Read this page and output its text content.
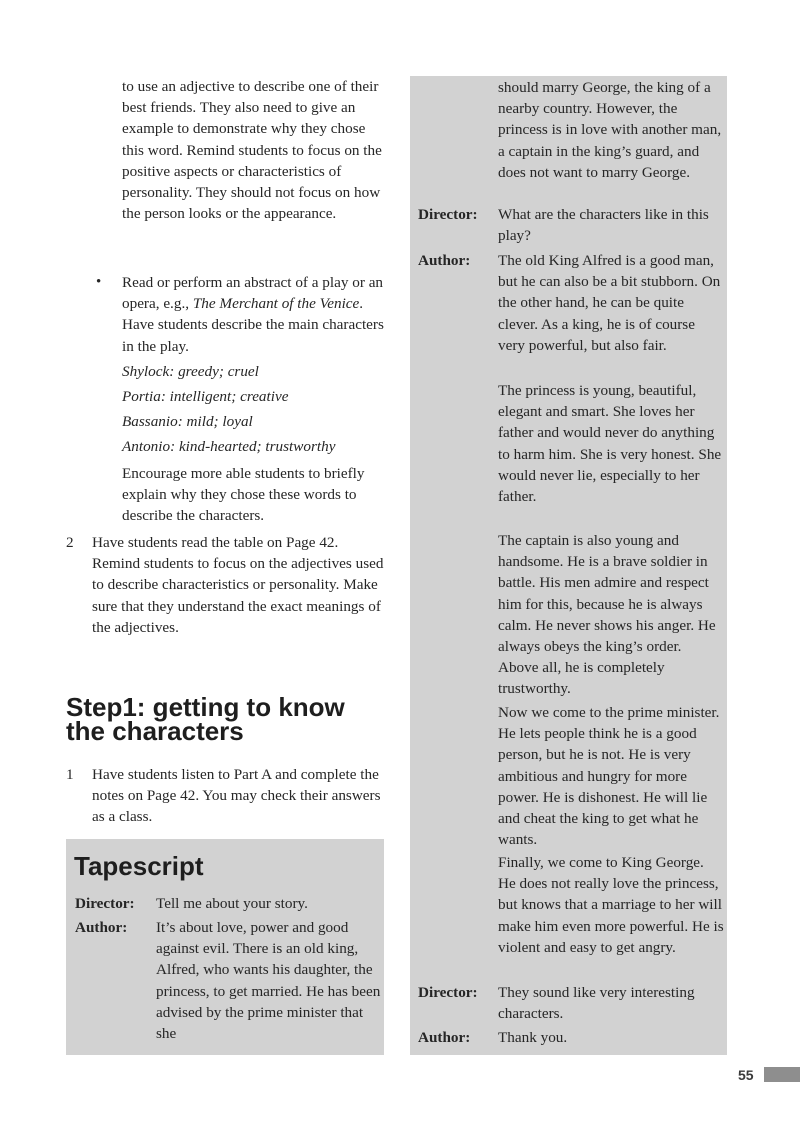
to use an adjective to describe one of their best friends. They also need to give an example to demonstrate why they chose this word. Remind students to focus on the positive aspects or characteristics of personality. They should not focus on how the person looks or the appearance.

• Read or perform an abstract of a play or an opera, e.g., The Merchant of the Venice. Have students describe the main characters in the play.

Shylock: greedy; cruel
Portia: intelligent; creative
Bassanio: mild; loyal
Antonio: kind-hearted; trustworthy

Encourage more able students to briefly explain why they chose these words to describe the characters.

2 Have students read the table on Page 42. Remind students to focus on the adjectives used to describe characteristics or personality. Make sure that they understand the exact meanings of the adjectives.

Step1: getting to know the characters
1 Have students listen to Part A and complete the notes on Page 42. You may check their answers as a class.

Tapescript
Director: Tell me about your story.

Author: It’s about love, power and good against evil. There is an old king, Alfred, who wants his daughter, the princess, to get married. He has been advised by the prime minister that she

should marry George, the king of a nearby country. However, the princess is in love with another man, a captain in the king’s guard, and does not want to marry George.

Director: What are the characters like in this play?

Author: The old King Alfred is a good man, but he can also be a bit stubborn. On the other hand, he can be quite clever. As a king, he is of course very powerful, but also fair.

The princess is young, beautiful, elegant and smart. She loves her father and would never do anything to harm him. She is very honest. She would never lie, especially to her father.

The captain is also young and handsome. He is a brave soldier in battle. His men admire and respect him for this, because he is always calm. He never shows his anger. He always obeys the king’s order. Above all, he is completely trustworthy.

Now we come to the prime minister. He lets people think he is a good person, but he is not. He is very ambitious and hungry for more power. He is dishonest. He will lie and cheat the king to get what he wants.

Finally, we come to King George. He does not really love the princess, but knows that a marriage to her will make him even more powerful. He is violent and easy to get angry.

Director: They sound like very interesting characters.

Author: Thank you.

55
